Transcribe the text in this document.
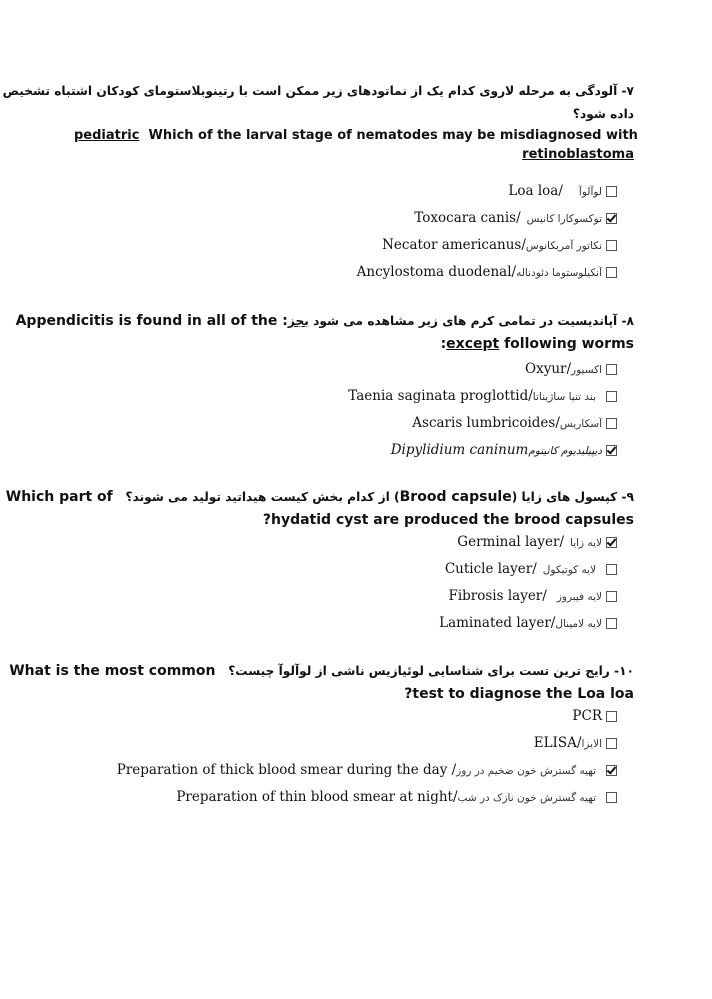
۷- آلودگی به مرحله لاروی کدام یک از نماتودهای زیر ممکن است با رتینوبلاستومای کودکان اشتباه تشخیص
داده شود؟
pediatric Which of the larval stage of nematodes may be misdiagnosed with
retinoblastoma
لوآلوآ/Loa loa
توکسوکارا کانیس/Toxocara canis
نکاتور آمریکانوس/Necator americanus
آنکیلوستوما دئودناله/Ancylostoma duodenal
۸- آپاندیسیت در تمامی کرم های زیر مشاهده می شود بجز: Appendicitis is found in all of the
except following worms:
اکسیور/Oxyur
بند تنیا ساژیناتا/Taenia saginata proglottid
آسکاریس/Ascaris lumbricoides
دیپیلیدیوم کانینومDipylidium caninum
۹- کپسول های زایا (Brood capsule) از کدام بخش کیست هیداتید تولید می شوند؟   Which part of
hydatid cyst are produced the brood capsules?
لایه زایا/Germinal layer
لایه کوتیکول/Cuticle layer
لایه فیبروز/Fibrosis layer
لایه لامینال/Laminated layer
۱۰- رایج ترین تست برای شناسایی لوئیازیس ناشی از لوآلوآ چیست؟   What is the most common
test to diagnose the Loa loa?
PCR
الایزا/ELISA
تهیه گسترش خون ضخیم در روز/ Preparation of thick blood smear during the day
تهیه گسترش خون نازک در شب/Preparation of thin blood smear at night
